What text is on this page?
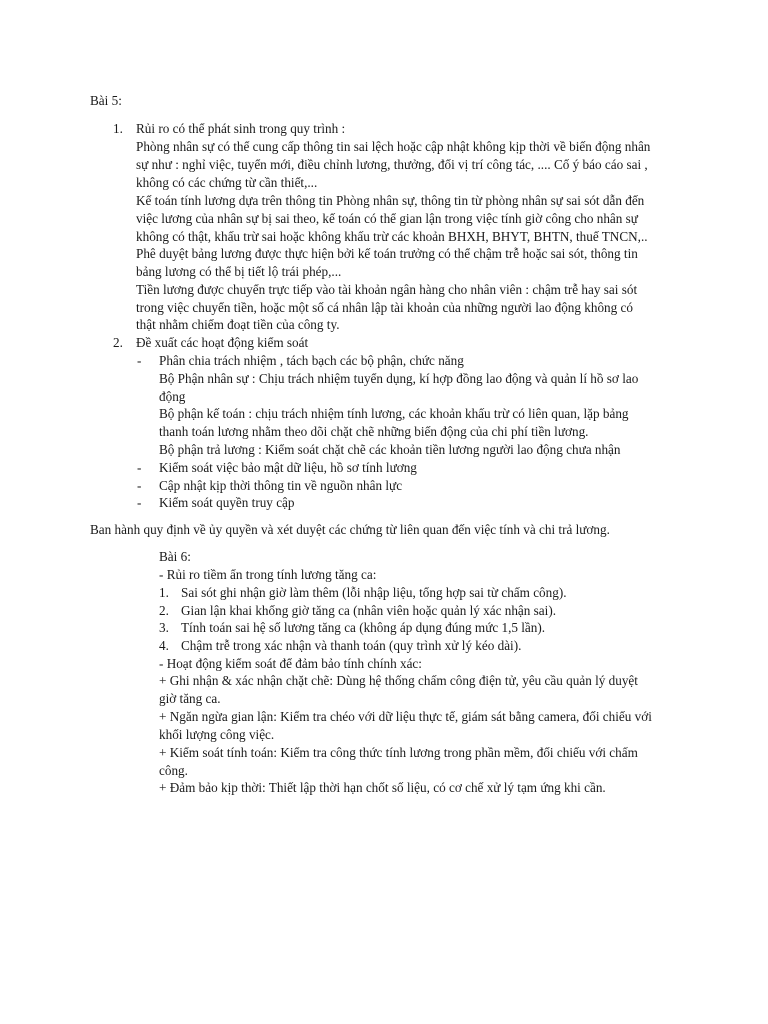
Bài 5:
1. Rủi ro có thể phát sinh trong quy trình :
Phòng nhân sự có thể cung cấp thông tin sai lệch hoặc cập nhật không kịp thời về biến động nhân
sự như : nghỉ việc, tuyển mới, điều chỉnh lương, thưởng, đối vị trí công tác, .... Cố ý báo cáo sai ,
không có các chứng từ cần thiết,...
Kế toán tính lương dựa trên thông tin Phòng nhân sự, thông tin từ phòng nhân sự sai sót dẫn đến
việc lương của nhân sự bị sai theo, kế toán có thể gian lận trong việc tính giờ công cho nhân sự
không có thật, khấu trừ sai hoặc không khấu trừ các khoản BHXH, BHYT, BHTN, thuế TNCN,..
Phê duyệt bảng lương được thực hiện bởi kế toán trưởng có thể chậm trễ hoặc sai sót, thông tin
bảng lương có thể bị tiết lộ trái phép,...
Tiền lương được chuyển trực tiếp vào tài khoản ngân hàng cho nhân viên : chậm trễ hay sai sót
trong việc chuyển tiền, hoặc một số cá nhân lập tài khoản của những người lao động không có
thật nhằm chiếm đoạt tiền của công ty.
2. Đề xuất các hoạt động kiểm soát
- Phân chia trách nhiệm , tách bạch các bộ phận, chức năng
Bộ Phận nhân sự : Chịu trách nhiệm tuyển dụng, kí hợp đồng lao động và quản lí hồ sơ lao
động
Bộ phận kế toán : chịu trách nhiệm tính lương, các khoản khấu trừ có liên quan, lặp bảng
thanh toán lương nhằm theo dõi chặt chẽ những biến động của chi phí tiền lương.
Bộ phận trả lương : Kiểm soát chặt chẽ các khoản tiền lương người lao động chưa nhận
- Kiểm soát việc bảo mật dữ liệu, hồ sơ tính lương
- Cập nhật kịp thời thông tin về nguồn nhân lực
- Kiểm soát quyền truy cập
Ban hành quy định về ủy quyền và xét duyệt các chứng từ liên quan đến việc tính và chi trả lương.
Bài 6:
- Rủi ro tiềm ẩn trong tính lương tăng ca:
1. Sai sót ghi nhận giờ làm thêm (lỗi nhập liệu, tổng hợp sai từ chấm công).
2. Gian lận khai khống giờ tăng ca (nhân viên hoặc quản lý xác nhận sai).
3. Tính toán sai hệ số lương tăng ca (không áp dụng đúng mức 1,5 lần).
4. Chậm trễ trong xác nhận và thanh toán (quy trình xử lý kéo dài).
- Hoạt động kiểm soát để đảm bảo tính chính xác:
+ Ghi nhận & xác nhận chặt chẽ: Dùng hệ thống chấm công điện tử, yêu cầu quản lý duyệt
giờ tăng ca.
+ Ngăn ngừa gian lận: Kiểm tra chéo với dữ liệu thực tế, giám sát bằng camera, đối chiếu với
khối lượng công việc.
+ Kiểm soát tính toán: Kiểm tra công thức tính lương trong phần mềm, đối chiếu với chấm
công.
+ Đảm bảo kịp thời: Thiết lập thời hạn chốt số liệu, có cơ chế xử lý tạm ứng khi cần.
